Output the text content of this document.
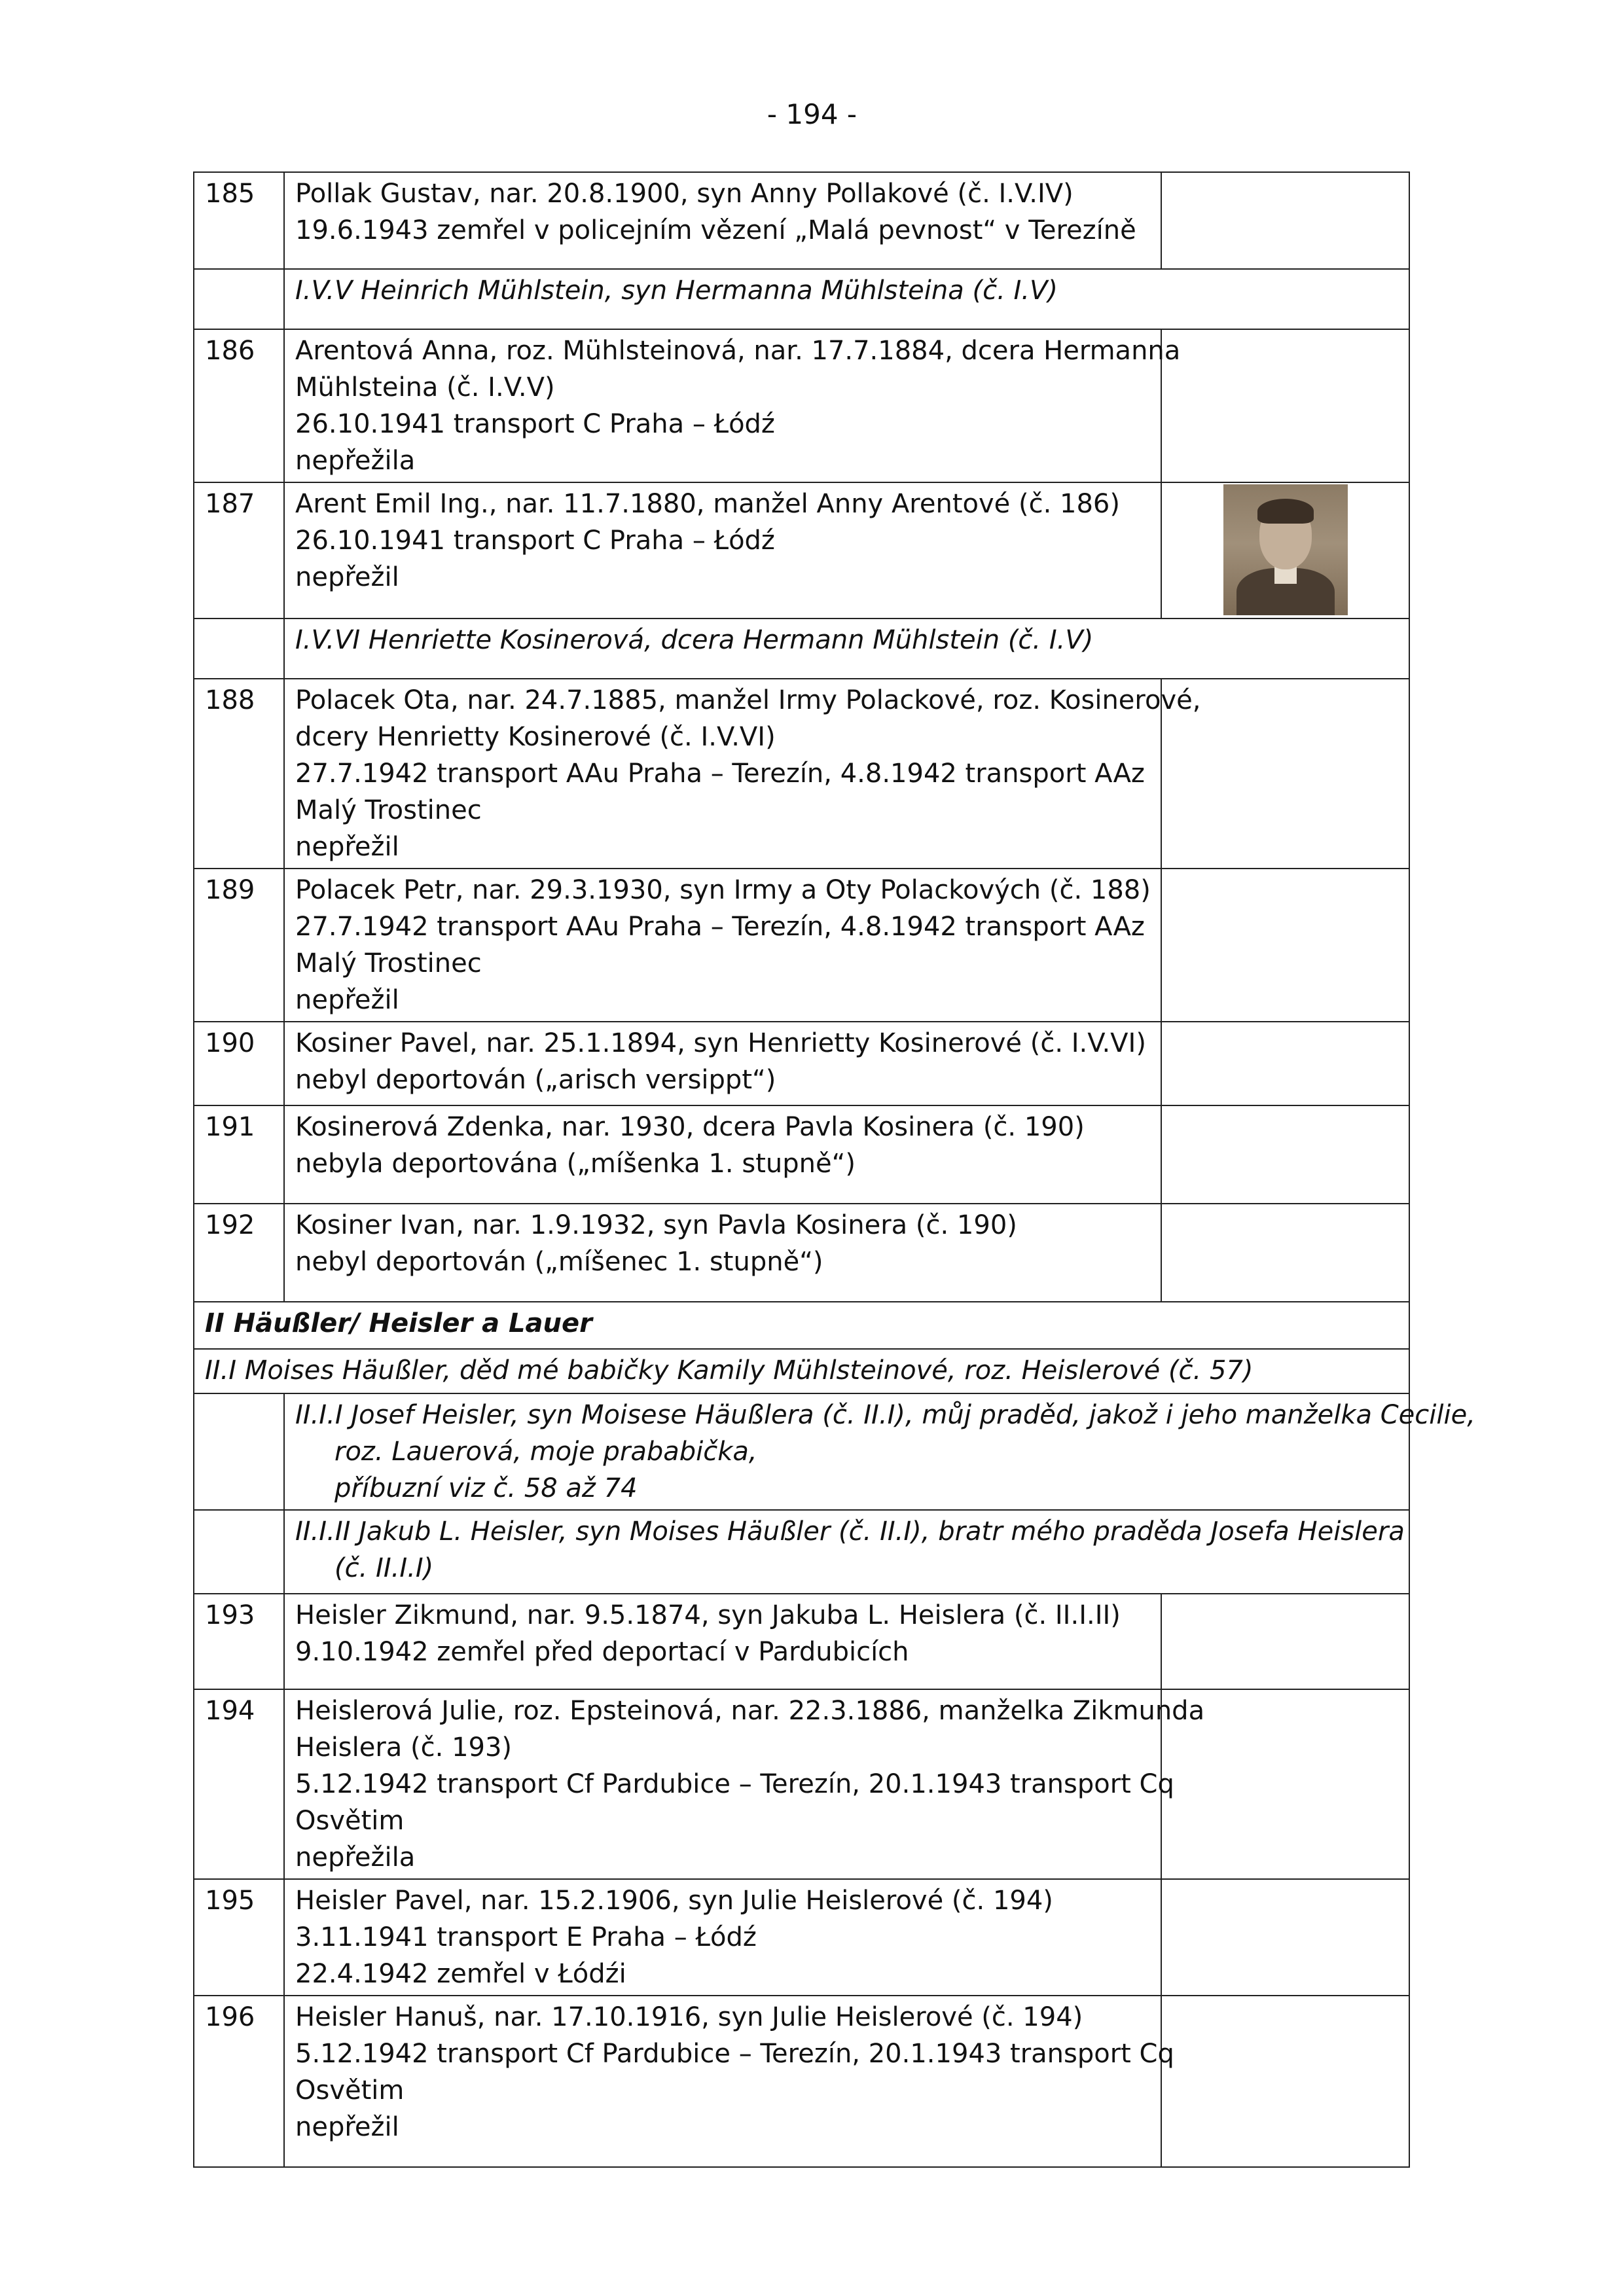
- 194 -
185	Pollak Gustav, nar. 20.8.1900, syn Anny Pollakové (č. I.V.IV)
19.6.1943 zemřel v policejním vězení „Malá pevnost“ v Terezíně	

	I.V.V Heinrich Mühlstein, syn Hermanna Mühlsteina (č. I.V)	
186	Arentová Anna, roz. Mühlsteinová, nar. 17.7.1884, dcera Hermanna
Mühlsteina (č. I.V.V)
26.10.1941 transport C Praha – Łódź
nepřežila	

187	Arent Emil Ing., nar. 11.7.1880, manžel Anny Arentové (č. 186)
26.10.1941 transport C Praha – Łódź
nepřežil	

	I.V.VI Henriette Kosinerová, dcera Hermann Mühlstein (č. I.V)	
188	Polacek Ota, nar. 24.7.1885, manžel Irmy Polackové, roz. Kosinerové,
dcery Henrietty Kosinerové (č. I.V.VI)
27.7.1942 transport AAu Praha – Terezín, 4.8.1942 transport AAz
Malý Trostinec
nepřežil	

189	Polacek Petr, nar. 29.3.1930, syn Irmy a Oty Polackových (č. 188)
27.7.1942 transport AAu Praha – Terezín, 4.8.1942 transport AAz
Malý Trostinec
nepřežil	

190	Kosiner Pavel, nar. 25.1.1894, syn Henrietty Kosinerové (č. I.V.VI)
nebyl deportován („arisch versippt“)	

191	Kosinerová Zdenka, nar. 1930, dcera Pavla Kosinera (č. 190)
nebyla deportována („míšenka 1. stupně“)	

192	Kosiner Ivan, nar. 1.9.1932, syn Pavla Kosinera (č. 190)
nebyl deportován („míšenec 1. stupně“)	

II Häußler/ Heisler a Lauer		
II.I Moises Häußler, děd mé babičky Kamily Mühlsteinové, roz. Heislerové (č. 57)		

	II.I.I Josef Heisler, syn Moisese Häußlera (č. II.I), můj praděd, jakož i jeho manželka Cecilie,
roz. Lauerová, moje prababička,
příbuzní viz č. 58 až 74	

	II.I.II Jakub L. Heisler, syn Moises Häußler (č. II.I), bratr mého praděda Josefa Heislera
(č. II.I.I)	

193	Heisler Zikmund, nar. 9.5.1874, syn Jakuba L. Heislera (č. II.I.II)
9.10.1942 zemřel před deportací v Pardubicích	

194	Heislerová Julie, roz. Epsteinová, nar. 22.3.1886, manželka Zikmunda
Heislera (č. 193)
5.12.1942 transport Cf Pardubice – Terezín, 20.1.1943 transport Cq
Osvětim
nepřežila	

195	Heisler Pavel, nar. 15.2.1906, syn Julie Heislerové (č. 194)
3.11.1941 transport E Praha – Łódź
22.4.1942 zemřel v Łódźi	

196	Heisler Hanuš, nar. 17.10.1916, syn Julie Heislerové (č. 194)
5.12.1942 transport Cf Pardubice – Terezín, 20.1.1943 transport Cq
Osvětim
nepřežil	
